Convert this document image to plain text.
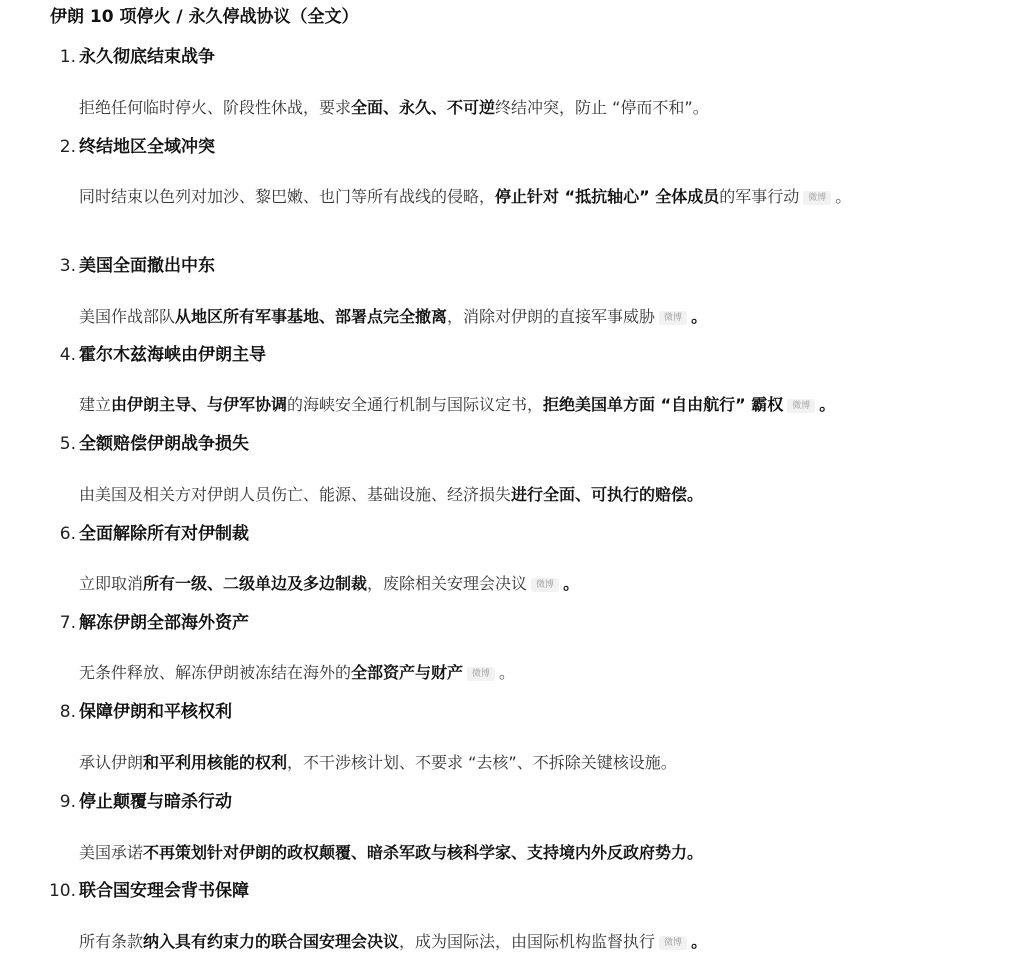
伊朗 10 项停火 / 永久停战协议（全文）
1. 永久彻底结束战争
拒绝任何临时停火、阶段性休战，要求全面、永久、不可逆终结冲突，防止 “停而不和”。
2. 终结地区全域冲突
同时结束以色列对加沙、黎巴嫩、也门等所有战线的侵略，停止针对 “抵抗轴心” 全体成员的军事行动 微博 。
3. 美国全面撤出中东
美国作战部队从地区所有军事基地、部署点完全撤离，消除对伊朗的直接军事威胁 微博 。
4. 霍尔木兹海峡由伊朗主导
建立由伊朗主导、与伊军协调的海峡安全通行机制与国际议定书，拒绝美国单方面 “自由航行” 霸权 微博 。
5. 全额赔偿伊朗战争损失
由美国及相关方对伊朗人员伤亡、能源、基础设施、经济损失进行全面、可执行的赔偿。
6. 全面解除所有对伊制裁
立即取消所有一级、二级单边及多边制裁，废除相关安理会决议 微博 。
7. 解冻伊朗全部海外资产
无条件释放、解冻伊朗被冻结在海外的全部资产与财产 微博 。
8. 保障伊朗和平核权利
承认伊朗和平利用核能的权利，不干涉核计划、不要求 “去核”、不拆除关键核设施。
9. 停止颠覆与暗杀行动
美国承诺不再策划针对伊朗的政权颠覆、暗杀军政与核科学家、支持境内外反政府势力。
10. 联合国安理会背书保障
所有条款纳入具有约束力的联合国安理会决议，成为国际法，由国际机构监督执行 微博 。
